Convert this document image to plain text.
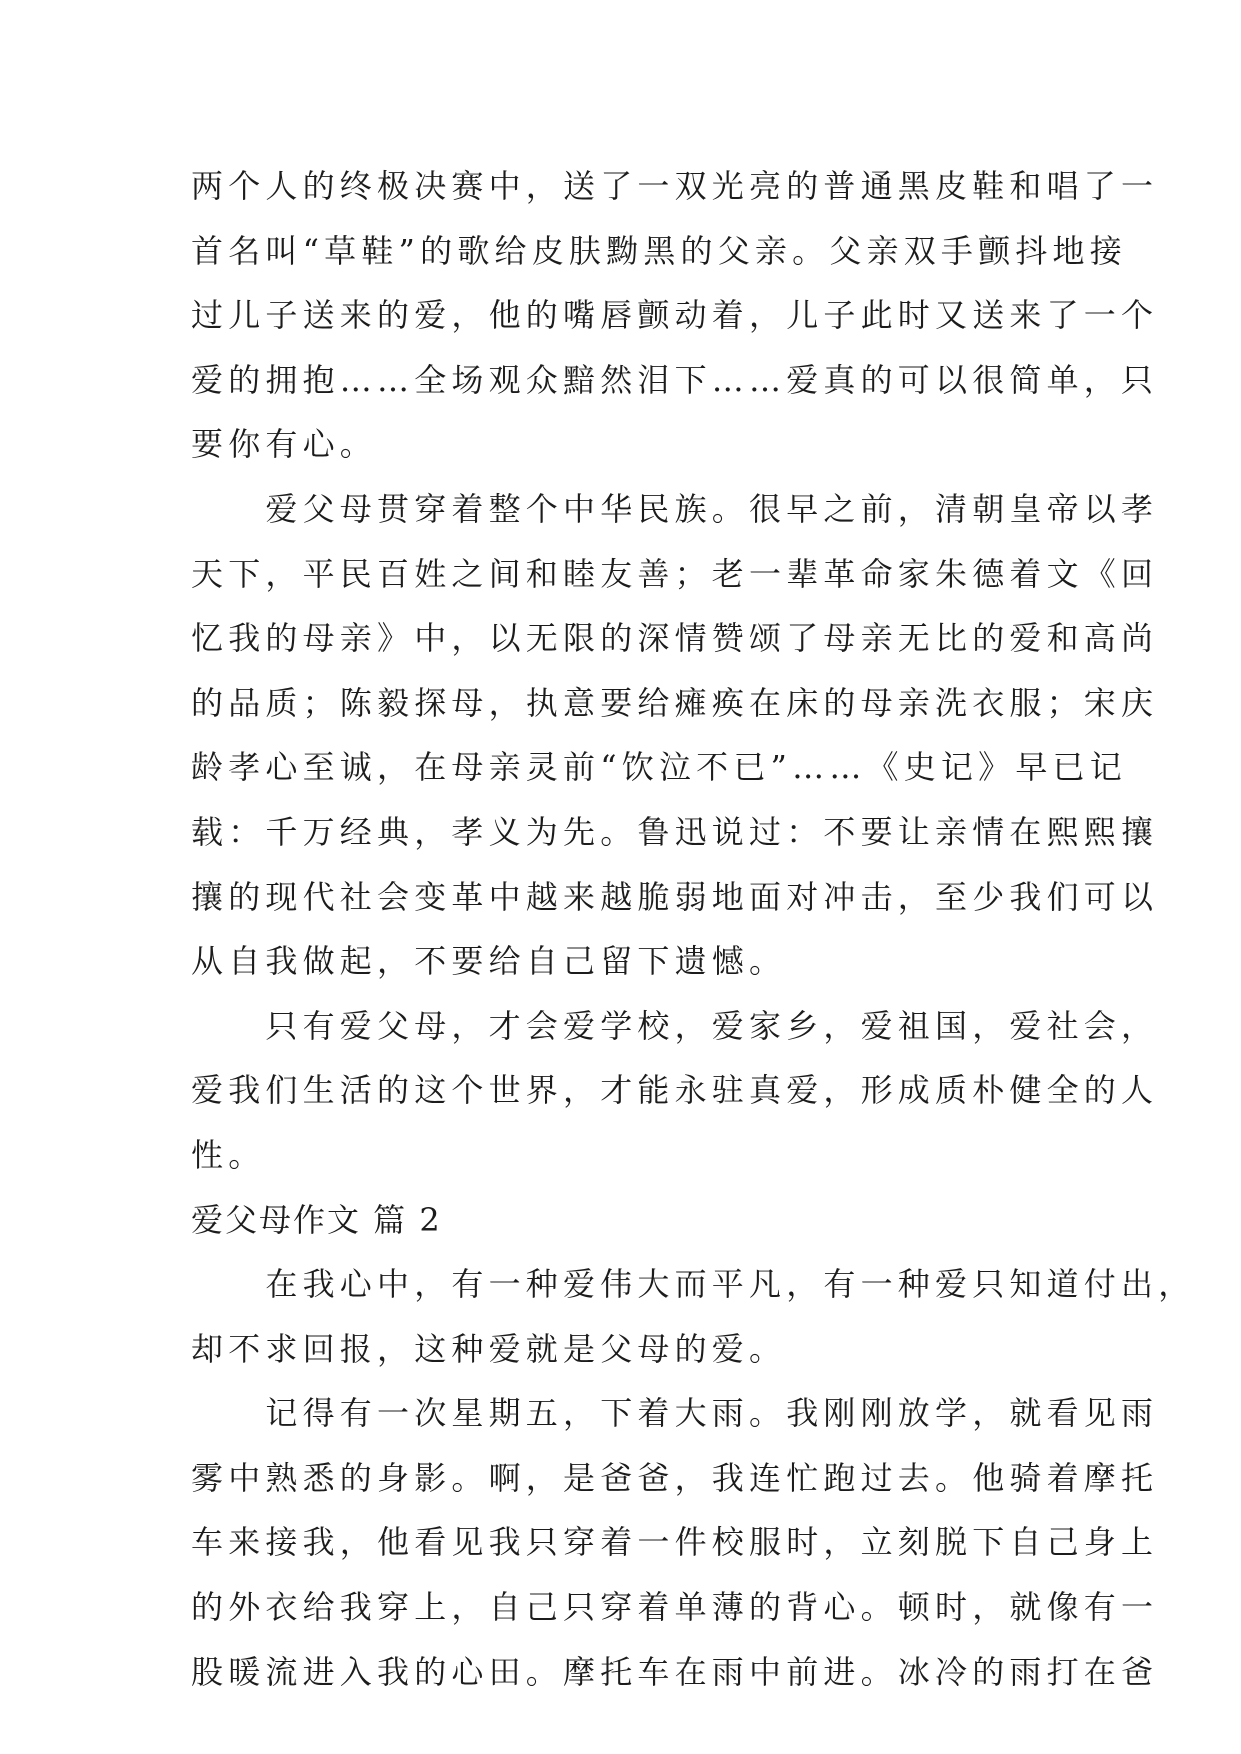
两个人的终极决赛中，送了一双光亮的普通黑皮鞋和唱了一
首名叫“草鞋”的歌给皮肤黝黑的父亲。父亲双手颤抖地接
过儿子送来的爱，他的嘴唇颤动着，儿子此时又送来了一个
爱的拥抱……全场观众黯然泪下……爱真的可以很简单，只
要你有心。
　　爱父母贯穿着整个中华民族。很早之前，清朝皇帝以孝
天下，平民百姓之间和睦友善；老一辈革命家朱德着文《回
忆我的母亲》中，以无限的深情赞颂了母亲无比的爱和高尚
的品质；陈毅探母，执意要给瘫痪在床的母亲洗衣服；宋庆
龄孝心至诚，在母亲灵前“饮泣不已”……《史记》早已记
载：千万经典，孝义为先。鲁迅说过：不要让亲情在熙熙攘
攘的现代社会变革中越来越脆弱地面对冲击，至少我们可以
从自我做起，不要给自己留下遗憾。
　　只有爱父母，才会爱学校，爱家乡，爱祖国，爱社会，
爱我们生活的这个世界，才能永驻真爱，形成质朴健全的人
性。
爱父母作文 篇 2
　　在我心中，有一种爱伟大而平凡，有一种爱只知道付出，
却不求回报，这种爱就是父母的爱。
　　记得有一次星期五，下着大雨。我刚刚放学，就看见雨
雾中熟悉的身影。啊，是爸爸，我连忙跑过去。他骑着摩托
车来接我，他看见我只穿着一件校服时，立刻脱下自己身上
的外衣给我穿上，自己只穿着单薄的背心。顿时，就像有一
股暖流进入我的心田。摩托车在雨中前进。冰冷的雨打在爸
